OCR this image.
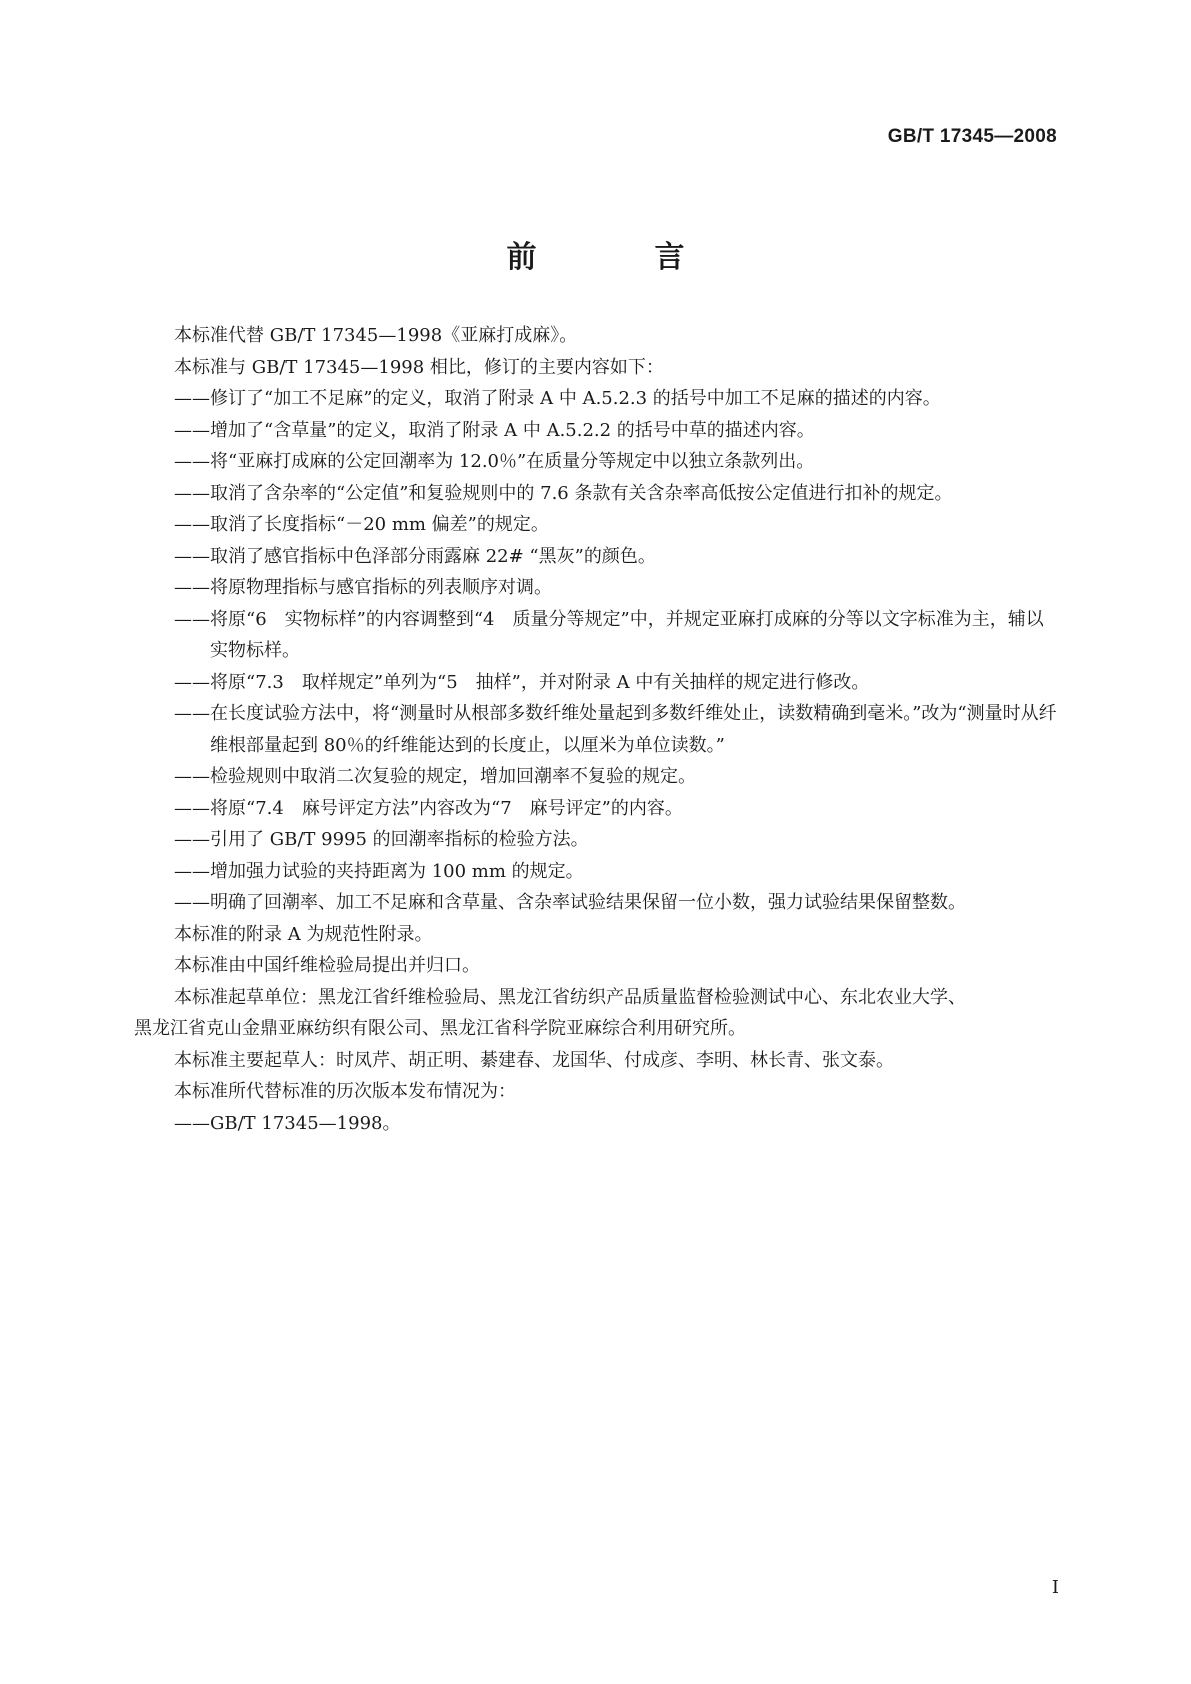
GB/T 17345—2008
前　言

本标准代替 GB/T 17345—1998《亚麻打成麻》。

本标准与 GB/T 17345—1998 相比，修订的主要内容如下：

——修订了“加工不足麻”的定义，取消了附录 A 中 A.5.2.3 的括号中加工不足麻的描述的内容。

——增加了“含草量”的定义，取消了附录 A 中 A.5.2.2 的括号中草的描述内容。

——将“亚麻打成麻的公定回潮率为 12.0％”在质量分等规定中以独立条款列出。

——取消了含杂率的“公定值”和复验规则中的 7.6 条款有关含杂率高低按公定值进行扣补的规定。

——取消了长度指标“－20 mm 偏差”的规定。

——取消了感官指标中色泽部分雨露麻 22# “黑灰”的颜色。

——将原物理指标与感官指标的列表顺序对调。

——将原“6　实物标样”的内容调整到“4　质量分等规定”中，并规定亚麻打成麻的分等以文字标准为主，辅以实物标样。

——将原“7.3　取样规定”单列为“5　抽样”，并对附录 A 中有关抽样的规定进行修改。

——在长度试验方法中，将“测量时从根部多数纤维处量起到多数纤维处止，读数精确到毫米。”改为“测量时从纤维根部量起到 80％的纤维能达到的长度止，以厘米为单位读数。”

——检验规则中取消二次复验的规定，增加回潮率不复验的规定。

——将原“7.4　麻号评定方法”内容改为“7　麻号评定”的内容。

——引用了 GB/T 9995 的回潮率指标的检验方法。

——增加强力试验的夹持距离为 100 mm 的规定。

——明确了回潮率、加工不足麻和含草量、含杂率试验结果保留一位小数，强力试验结果保留整数。

本标准的附录 A 为规范性附录。

本标准由中国纤维检验局提出并归口。

本标准起草单位：黑龙江省纤维检验局、黑龙江省纺织产品质量监督检验测试中心、东北农业大学、

黑龙江省克山金鼎亚麻纺织有限公司、黑龙江省科学院亚麻综合利用研究所。

本标准主要起草人：时凤芹、胡正明、綦建春、龙国华、付成彦、李明、林长青、张文泰。

本标准所代替标准的历次版本发布情况为：

——GB/T 17345—1998。

I
